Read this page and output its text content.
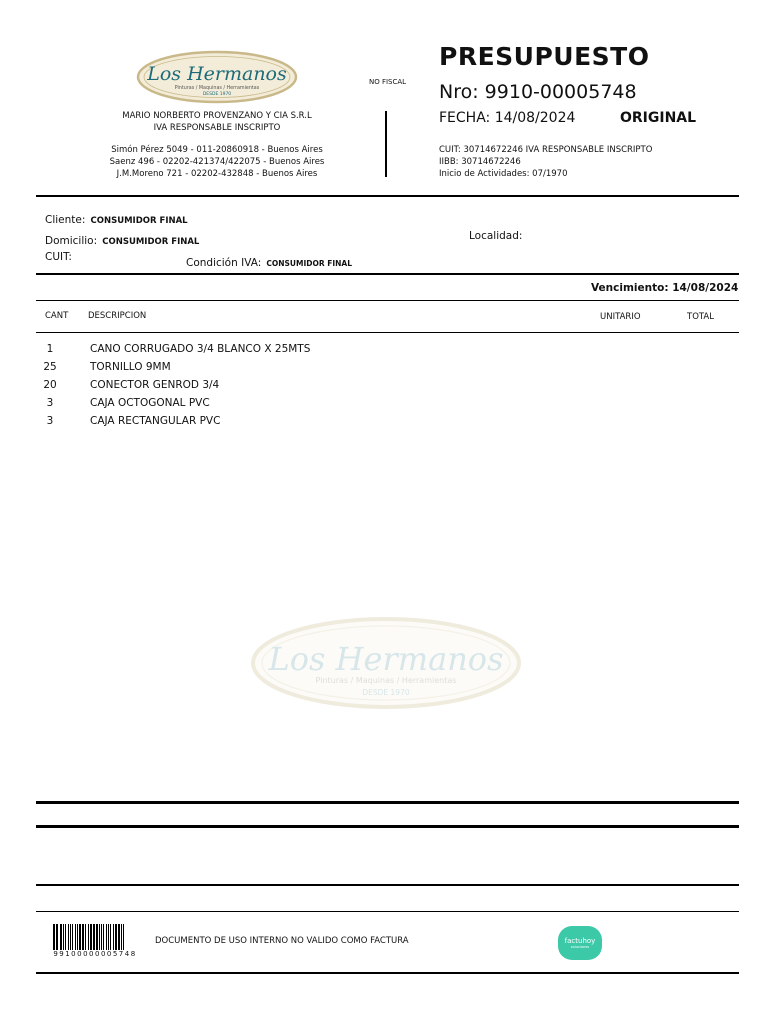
Los Hermanos
Pinturas / Maquinas / Herramientas
DESDE 1970
NO FISCAL
PRESUPUESTO
Nro: 9910-00005748
FECHA: 14/08/2024	ORIGINAL
MARIO NORBERTO PROVENZANO Y CIA S.R.L
IVA RESPONSABLE INSCRIPTO
Simón Pérez 5049 - 011-20860918 - Buenos Aires
Saenz 496 - 02202-421374/422075 - Buenos Aires
J.M.Moreno 721 - 02202-432848 - Buenos Aires
CUIT: 30714672246 IVA RESPONSABLE INSCRIPTO
IIBB: 30714672246
Inicio de Actividades: 07/1970
Cliente: CONSUMIDOR FINAL
Domicilio: CONSUMIDOR FINAL	Localidad:
CUIT:	Condición IVA: CONSUMIDOR FINAL
Vencimiento: 14/08/2024
CANT DESCRIPCION	UNITARIO	TOTAL
1	CANO CORRUGADO 3/4 BLANCO X 25MTS
25	TORNILLO 9MM
20	CONECTOR GENROD 3/4
3	CAJA OCTOGONAL PVC
3	CAJA RECTANGULAR PVC
Los Hermanos
Pinturas / Maquinas / Herramientas
DESDE 1970
99100000005748
DOCUMENTO DE USO INTERNO NO VALIDO COMO FACTURA	factuhoy
soluciones
